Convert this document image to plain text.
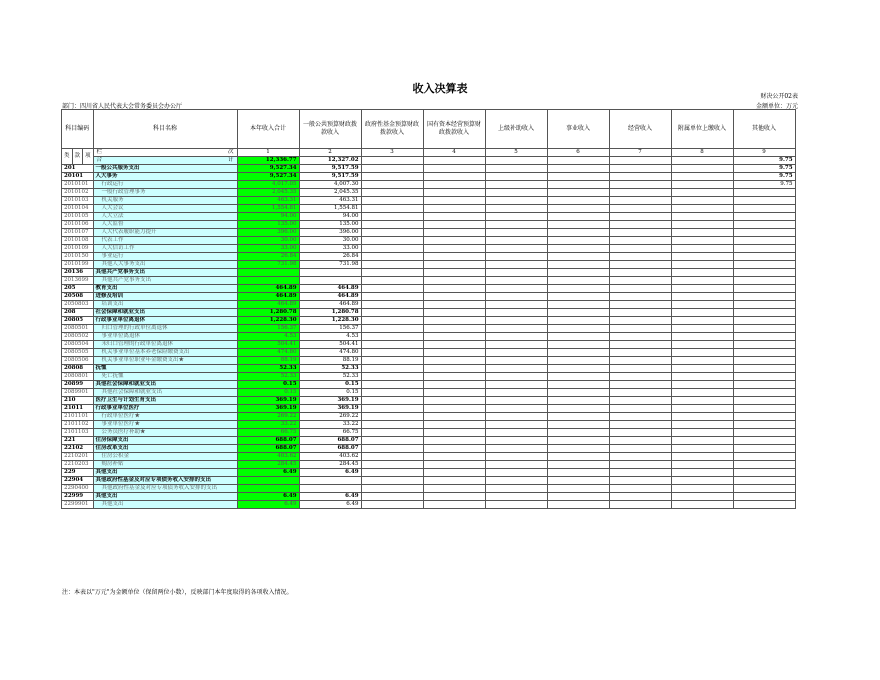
收入决算表
财决公开02表
部门：四川省人民代表大会常务委员会办公厅	金额单位：万元
科目编码			科目名称	本年收入合计	一般公共预算财政拨款收入	政府性基金预算财政拨款收入	国有资本经营预算财政拨款收入	上级补助收入	事业收入	经营收入	附属单位上缴收入	其他收入
类	款	项	栏 次	1	2	3	4	5	6	7	8	9

			合 计	12,336.77	12,327.02							9.75
201			一般公共服务支出	9,527.34	9,517.59							9.75
20101			人大事务	9,527.34	9,517.59							9.75
2010101			行政运行	4,017.05	4,007.30							9.75
2010102			一般行政管理事务	2,045.35	2,045.35							
2010103			机关服务	463.31	463.31							
2010104			人大会议	1,554.81	1,554.81							
2010105			人大立法	94.00	94.00							
2010106			人大监督	135.00	135.00							
2010107			人大代表履职能力提升	396.00	396.00							
2010108			代表工作	30.00	30.00							
2010109			人大信访工作	33.00	33.00							
2010150			事业运行	26.84	26.84							
2010199			其他人大事务支出	731.98	731.98							
20136			其他共产党事务支出									
2013699			其他共产党事务支出									
205			教育支出	464.89	464.89							
20508			进修及培训	464.89	464.89							
2050803			培训支出	464.89	464.89							
208			社会保障和就业支出	1,280.78	1,280.78							
20805			行政事业单位离退休	1,228.30	1,228.30							
2080501			归口管理的行政单位离退休	156.37	156.37							
2080502			事业单位离退休	4.53	4.53							
2080504			未归口管理的行政单位离退休	504.41	504.41							
2080505			机关事业单位基本养老保险缴费支出	474.80	474.80							
2080506			机关事业单位职业年金缴费支出★	88.19	88.19							
20808			抚恤	52.33	52.33							
2080801			死亡抚恤	52.33	52.33							
20899			其他社会保障和就业支出	0.15	0.15							
2089901			其他社会保障和就业支出	0.15	0.15							
210			医疗卫生与计划生育支出	369.19	369.19							
21011			行政事业单位医疗	369.19	369.19							
2101101			行政单位医疗★	269.22	269.22							
2101102			事业单位医疗★	33.22	33.22							
2101103			公务员医疗补助★	66.75	66.75							
221			住房保障支出	688.07	688.07							
22102			住房改革支出	688.07	688.07							
2210201			住房公积金	403.62	403.62							
2210203			购房补贴	284.45	284.45							
229			其他支出	6.49	6.49							
22904			其他政府性基金及对应专项债务收入安排的支出									
2290400			其他政府性基金及对应专项债务收入安排的支出									
22999			其他支出	6.49	6.49							
2299901			其他支出	6.49	6.49							
注：本表以"万元"为金额单位（保留两位小数），反映部门本年度取得的各项收入情况。
